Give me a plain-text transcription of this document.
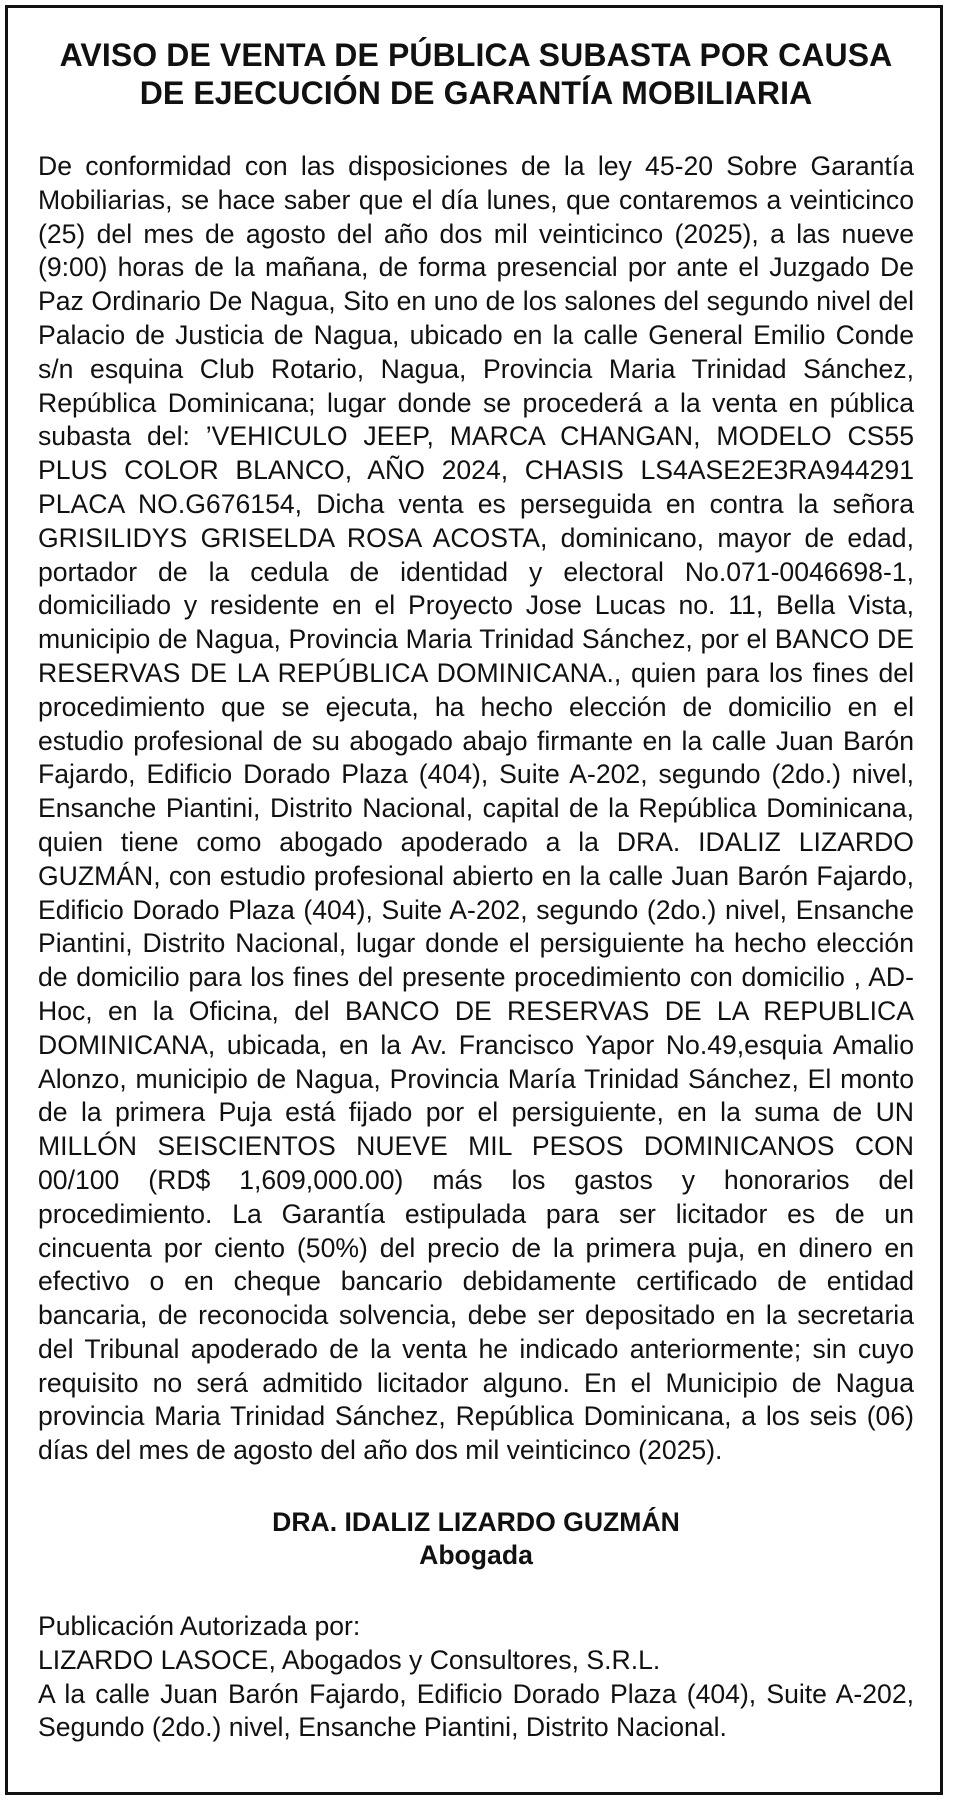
AVISO DE VENTA DE PÚBLICA SUBASTA POR CAUSA
DE EJECUCIÓN DE GARANTÍA MOBILIARIA

De conformidad con las disposiciones de la ley 45-20 Sobre Garantía Mobiliarias, se hace saber que el día lunes, que contaremos a veinticinco (25) del mes de agosto del año dos mil veinticinco (2025), a las nueve (9:00) horas de la mañana, de forma presencial por ante el Juzgado De Paz Ordinario De Nagua, Sito en uno de los salones del segundo nivel del Palacio de Justicia de Nagua, ubicado en la calle General Emilio Conde s/n esquina Club Rotario, Nagua, Provincia Maria Trinidad Sánchez, República Dominicana; lugar donde se procederá a la venta en pública subasta del: ’VEHICULO JEEP, MARCA CHANGAN, MODELO CS55 PLUS COLOR BLANCO, AÑO 2024, CHASIS LS4ASE2E3RA944291 PLACA NO.G676154, Dicha venta es perseguida en contra la señora GRISILIDYS GRISELDA ROSA ACOSTA, dominicano, mayor de edad, portador de la cedula de identidad y electoral No.071-0046698-1, domiciliado y residente en el Proyecto Jose Lucas no. 11, Bella Vista, municipio de Nagua, Provincia Maria Trinidad Sánchez, por el BANCO DE RESERVAS DE LA REPÚBLICA DOMINICANA., quien para los fines del procedimiento que se ejecuta, ha hecho elección de domicilio en el estudio profesional de su abogado abajo firmante en la calle Juan Barón Fajardo, Edificio Dorado Plaza (404), Suite A-202, segundo (2do.) nivel, Ensanche Piantini, Distrito Nacional, capital de la República Dominicana, quien tiene como abogado apoderado a la DRA. IDALIZ LIZARDO GUZMÁN, con estudio profesional abierto en la calle Juan Barón Fajardo, Edificio Dorado Plaza (404), Suite A-202, segundo (2do.) nivel, Ensanche Piantini, Distrito Nacional, lugar donde el persiguiente ha hecho elección de domicilio para los fines del presente procedimiento con domicilio , AD-Hoc, en la Oficina, del BANCO DE RESERVAS DE LA REPUBLICA DOMINICANA, ubicada, en la Av. Francisco Yapor No.49,esquia Amalio Alonzo, municipio de Nagua, Provincia María Trinidad Sánchez, El monto de la primera Puja está fijado por el persiguiente, en la suma de UN MILLÓN SEISCIENTOS NUEVE MIL PESOS DOMINICANOS CON 00/100 (RD$ 1,609,000.00) más los gastos y honorarios del procedimiento. La Garantía estipulada para ser licitador es de un cincuenta por ciento (50%) del precio de la primera puja, en dinero en efectivo o en cheque bancario debidamente certificado de entidad bancaria, de reconocida solvencia, debe ser depositado en la secretaria del Tribunal apoderado de la venta he indicado anteriormente; sin cuyo requisito no será admitido licitador alguno. En el Municipio de Nagua provincia Maria Trinidad Sánchez, República Dominicana, a los seis (06) días del mes de agosto del año dos mil veinticinco (2025).

DRA. IDALIZ LIZARDO GUZMÁN
Abogada
Publicación Autorizada por:
LIZARDO LASOCE, Abogados y Consultores, S.R.L.
A la calle Juan Barón Fajardo, Edificio Dorado Plaza (404), Suite A-202, Segundo (2do.) nivel, Ensanche Piantini, Distrito Nacional.
